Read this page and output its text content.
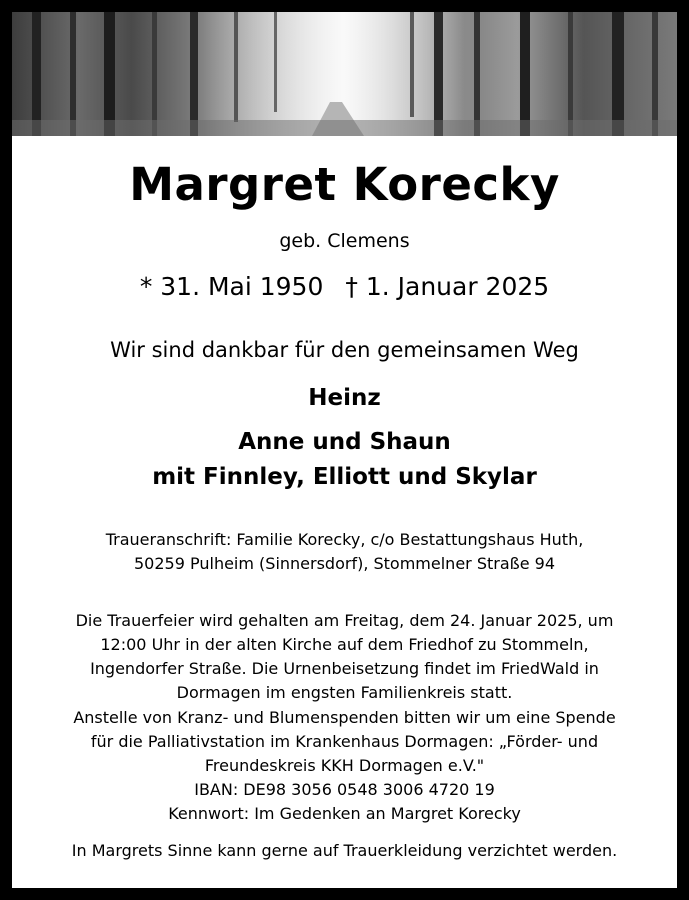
Margret Korecky
geb. Clemens
* 31. Mai 1950 † 1. Januar 2025
Wir sind dankbar für den gemeinsamen Weg
Heinz
Anne und Shaun
mit Finnley, Elliott und Skylar
Traueranschrift: Familie Korecky, c/o Bestattungshaus Huth,
50259 Pulheim (Sinnersdorf), Stommelner Straße 94
Die Trauerfeier wird gehalten am Freitag, dem 24. Januar 2025, um
12:00 Uhr in der alten Kirche auf dem Friedhof zu Stommeln,
Ingendorfer Straße. Die Urnenbeisetzung findet im FriedWald in
Dormagen im engsten Familienkreis statt.
Anstelle von Kranz- und Blumenspenden bitten wir um eine Spende
für die Palliativstation im Krankenhaus Dormagen: „Förder- und
Freundeskreis KKH Dormagen e.V."
IBAN: DE98 3056 0548 3006 4720 19
Kennwort: Im Gedenken an Margret Korecky
In Margrets Sinne kann gerne auf Trauerkleidung verzichtet werden.
